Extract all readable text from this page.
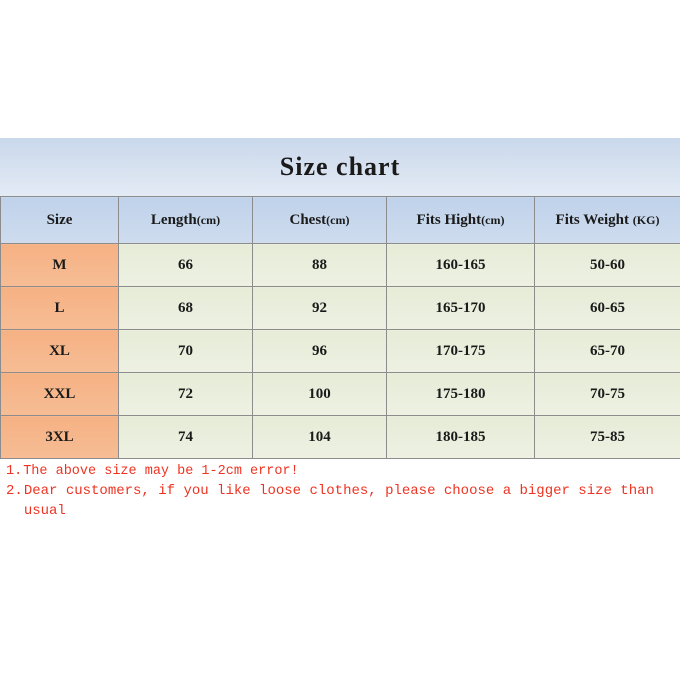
Size chart
Size	Length(cm)	Chest(cm)	Fits Hight(cm)	Fits Weight (KG)
M	66	88	160-165	50-60
L	68	92	165-170	60-65
XL	70	96	170-175	65-70
XXL	72	100	175-180	70-75
3XL	74	104	180-185	75-85
1. The above size may be 1-2cm error!
2. Dear customers, if you like loose clothes, please choose a bigger size than usual
